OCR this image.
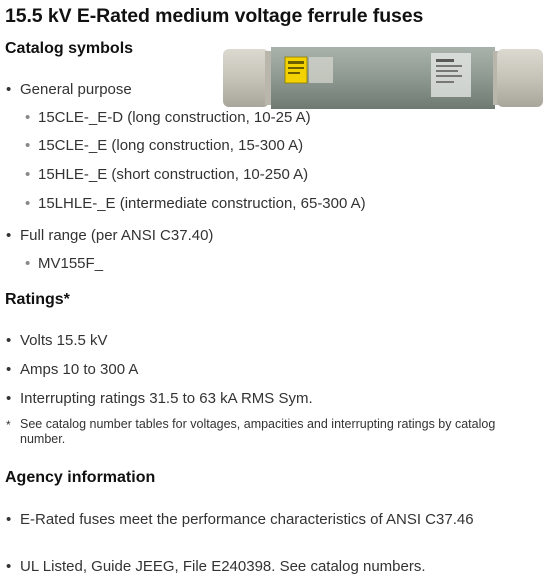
15.5 kV E-Rated medium voltage ferrule fuses
Catalog symbols
• General purpose
• 15CLE-_E-D (long construction, 10-25 A)
• 15CLE-_E (long construction, 15-300 A)
• 15HLE-_E (short construction, 10-250 A)
• 15LHLE-_E (intermediate construction, 65-300 A)
• Full range (per ANSI C37.40)
• MV155F_
Ratings*
• Volts 15.5 kV
• Amps 10 to 300 A
• Interrupting ratings 31.5 to 63 kA RMS Sym.
* See catalog number tables for voltages, ampacities and interrupting ratings by catalog number.
Agency information
• E-Rated fuses meet the performance characteristics of ANSI C37.46
• UL Listed, Guide JEEG, File E240398. See catalog numbers.
